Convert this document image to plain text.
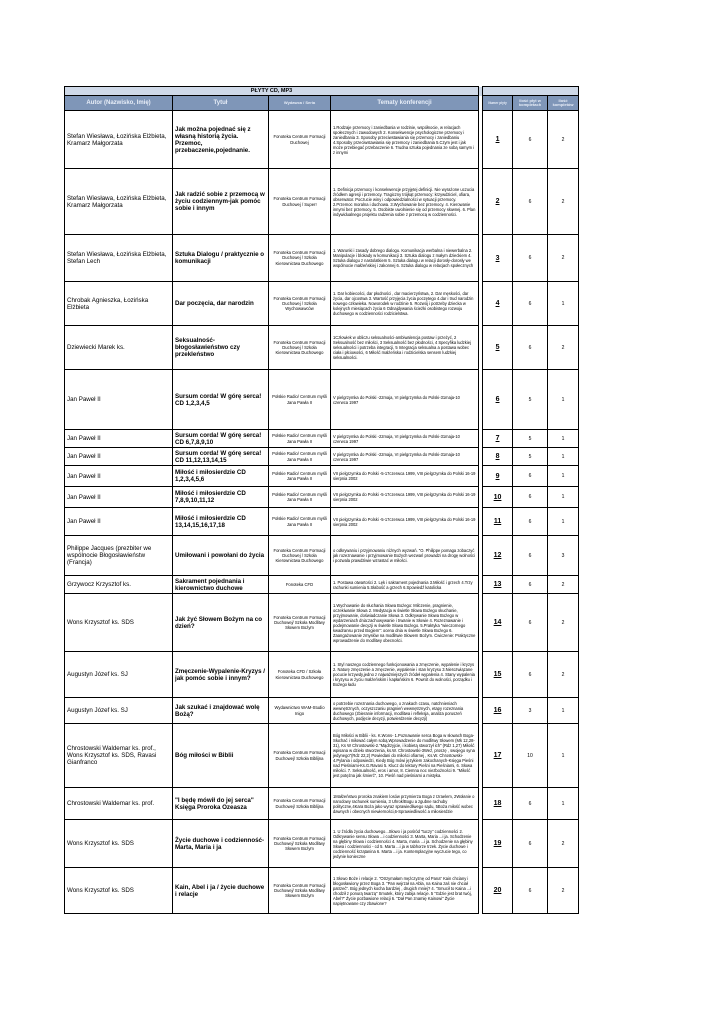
PŁYTY CD, MP3							
Autor (Nazwisko, Imię)	Tytuł	Wydawca / Seria	Tematy konferencji		Numer płyty	Ilość płyt w kompletach	Ilość kompletów
Stefan Wiesława, Łozińska Elżbieta, Kramarz Małgorzata	Jak można pojednać się z własną historią życia. Przemoc, przebaczenie,pojednanie.	Fonoteka Centrum Formacji Duchowej	1.Rodzaje przemocy i zaniedbania w rodzinie, współnocie, w relacjach społecznych i zawodowych 2. Konsekwencje psychologiczne przemocy i zaniedbania 3. Sposoby przeciwstawiania się przemocy i zaniedbaniu 4.Sposoby przeciwstawiania się przemocy i zaniedbania 5.Czym jest i jak może przebiegać przebaczenie 6. Trudna sztuka pojednania ze sobą samym i z innymi		1	6	2
Stefan Wiesława, Łozińska Elżbieta, Kramarz Małgorzata	Jak radzić sobie z przemocą w życiu codziennym-jak pomóc sobie i innym	Fonoteka Centrum Formacji Duchowej / Super!	1. Definicja przemocy i konsekwencje przyjętej definicji. Nie wyrażone uczucia źródłem agresji i przemocy. Tragiczny trójkąt przemocy: krzywdziciel, ofiara, obserwator. Poczucie winy i odpowiedzialności w sytuacji przemocy. 2.Przemoc moralna i duchowa. 3.Wychowanie bez przemocy. 4. Kierowanie innymi bez przemocy. 5. Osobiste uwolnienie się od przemocy słownej. 6. Plan indywidualnego projektu radzenia sobie z przemocą w codzienności.		2	6	2
Stefan Wiesława, Łozińska Elżbieta, Stefan Lech	Sztuka Dialogu / praktycznie o komunikacji	Fonoteka Centrum Formacji Duchowej / Szkoła Kierownictwa Duchowego	1. Warunki i zasady dobrego dialogu. Komunikacja werbalna i niewerbalna 2. Manipulacje i blokady w komunikacji 3. Sztuka dialogu z małym dzieckiem 4. Sztuka dialogu z nastolatkiem 5. Sztuka dialogu w relacji dorosły-dorosły we wspólnocie małżeńskiej i zakonnej 6. Sztuka dialogu w relacjach społecznych		3	6	2
Chrobak Agnieszka, Łozińska Elżbieta	Dar poczęcia, dar narodzin	Fonoteka Centrum Formacji Duchowej / Szkoła Wychowawców	1. Dar kobiecości, dar płodności , dar macierzyństwa, 2. Dar męskości, dar życia, dar ojcostwa 3. Wartość przyjęcia życia poczętego 4.dar i trud narodzin nowego człowieka. Noworodek w rodzinie 5. Rozwój i potrzeby dziecka w kolejnych miesiącach życia 6 Odnajdywania ścieżki osobistego rozwoju duchowego w codzienności rodzicielstwa.		4	6	1
Dziewiecki Marek ks.	Seksualność-błogosławieństwo czy przekleństwo	Fonoteka Centrum Formacji Duchowej / Szkoła Kierownictwa Duchowego	1Człowiek w obliczu seksualności-ambiwalencja postaw i przeżyć, 2 Seksualność bez miłości, 3 Seksualność bez płodności, 4 Specyfika ludzkiej seksualności i potrzeba integracji, 5 Integracja seksualna a postawa wobec ciała i płciowości, 6 Miłość małżeńska i rodzicielska sensem ludzkiej seksualności.		5	6	2
Jan Paweł II	Sursum corda! W górę serca! CD 1,2,3,4,5	Polskie Radio/ Centrum myśli Jana Pawła II	V pielgrzymka do Polski -22maja, VI pielgrzymka do Polski-31maja-10 czerwca 1997		6	5	1
Jan Paweł II	Sursum corda! W górę serca! CD 6,7,8,9,10	Polskie Radio/ Centrum myśli Jana Pawła II	V pielgrzymka do Polski -22maja, VI pielgrzymka do Polski-31maja-10 czerwca 1997		7	5	1
Jan Paweł II	Sursum corda! W górę serca! CD 11,12,13,14,15	Polskie Radio/ Centrum myśli Jana Pawła II	V pielgrzymka do Polski -22maja, VI pielgrzymka do Polski-31maja-10 czerwca 1997		8	5	1
Jan Paweł II	Miłość i miłosierdzie CD 1,2,3,4,5,6	Polskie Radio/ Centrum myśli Jana Pawła II	VII pielgrzymka do Polski -5-17czerwca 1999, VIII pielgrzymka do Polski 16-19 sierpnia 2002		9	6	1
Jan Paweł II	Miłość i miłosierdzie CD 7,8,9,10,11,12	Polskie Radio/ Centrum myśli Jana Pawła II	VII pielgrzymka do Polski -5-17czerwca 1999, VIII pielgrzymka do Polski 16-19 sierpnia 2002		10	6	1
Jan Paweł II	Miłość i miłosierdzie CD 13,14,15,16,17,18	Polskie Radio/ Centrum myśli Jana Pawła II	VII pielgrzymka do Polski -5-17czerwca 1999, VIII pielgrzymka do Polski 16-19 sierpnia 2002		11	6	1
Philippe Jacques (prezbiter we wspólnocie Błogosławieństw (Francja)	Umiłowani i powołani do życia	Fonoteka Centrum Formacji Duchowej / Szkoła Kierownictwa Duchowego	o odkrywaniu i przyjmowaniu różnych wyzwań. "O. Philippe pomaga zobaczyć jak rozeznawanie i przyjmowanie Bożych wezwań prowadzi na drogę wolności i pozwala prawdziwie wzrastać w miłości.		12	6	3
Grzywocz Krzysztof ks.	Sakrament pojednania i kierownictwo duchowe	Fonoteka CFD	1. Postawa otwartości 2. Lęk i sakrament pojednania 3.Miłość i grzech 4.Trzy rachunki sumienia 5.Słabość a grzech 6.Spowiedź katolicka		13	6	2
Wons Krzysztof ks. SDS	Jak żyć Słowem Bożym na co dzień?	Fonoteka Centrum Formacji Duchowej/ Szkoła Modlitwy Słowem Bożym	1.Wychowanie do słuchania Słowa Bożego: Milczenie, pragnienie, oczekiwanie Słowa 2. Medytacja w świetle Słowa Bożego skuchanie, przyjmowanie, doświadczanie Słowa 3. Odkrywanie Słowa Bożego w wydarzeniach dnia:zachowywanie i trwanie w Słowie 4. Rozeznawanie i podejmowanie decyzji w świetle Słowa Bożego. 5.Praktyka "wieczornego kwadransu przed Bogiem": ocena dnia w świetle Słowa Bożego 6. Zaangażowanie zmysłów na modlitwie Słowem Bożym. Ćwiczenie: Praktyczne wprowadzenie do modlitwy obecności.		14	6	2
Augustyn Józef ks. SJ	Zmęczenie-Wypalenie-Kryzys / jak pomóc sobie i innym?	Fonoteka CFD / Szkoła Kierownictwa Duchowego	1. Styl naszego codziennego funkcjonowania a zmęczenie, wypalenie i kryzys 2. Naturę zmęczenie a zmęczenie, wypalenie i stan kryzysu 3.Nierozwiązane pocucie krzywdy,jedno z najważniejszych źródeł wypalenia 4. Stany wypalenia i kryzysu w życiu małżeńskim i kapłańskim 6. Powrót do wolności, porządku i Bożego ładu		15	6	2
Augustyn Józef ks. SJ	Jak szukać i znajdować wolę Bożą?	Wydawnictwo WAM-Studio Inigo	o potrzebie rozeznania duchowego, o znakach czasu, natchnieniach wewnętrznych, oczyszczaniu pragnień wewnętrznych, etapy rozeznania duchowego (zbieranie informacji, modlitwa i refleksja, analiza poruszeń duchowych, podjęcie decyzji, potwierdzenie decyzji)		16	3	1
Chrostowski Waldemar ks. prof., Wons Krzysztof ks. SDS, Ravasi Gianfranco	Bóg miłości w Biblii	Fonoteka Centrum Formacji Duchowej/ Szkoła Biblijna	Bóg Miłości w Biblii - ks. K.Wons- 1.Poznawanie serca Boga w słowach Boga-Słuchać i miłować całym sobą.Wprowadzenie do modlitwy Słowem (Mk 12,28-31), Ks W Chrostowski-2."Mądrzyjcie, i kobietą stworzył ich" (Rdz 1,27) Miłość wpisana w dzieło stworzenia, ks.W. Chrostowski-3Weź, proszę , swojego syna jedynego"(Rdz 22,2) Powiedani do miłości ofiarnej , Ks.W. Chrostowski-4.Pylania i odpowiedzi, Kiedy Bóg mówi językiem zakochanych-Księga Pieśni nad Pieśniami-Ks.G.Ravasi 5. Klucz do lektury Pieśni na Pieśniami, 6. Słowa miłości. 7. Seksualność, eros i amor, 8. Ciemna noc niezbożności 9. "Miłość jest potężna jak śmierć", 10. Pieśń nad pieśniami a mistyka.		17	10	1
Chrostowski Waldemar ks. prof.	"I będę mówił do jej serca" Księga Proroka Ozeasza	Fonoteka Centrum Formacji Duchowej/ Szkoła Biblijna	1Małżeństwo proroka znakiem losów przymierza Boga z Izraelem, 2Wołanie o narodowy rachunek sumienia, 3 Uhrok/Bogu a zgubne rachuby polityczne,4Kara Boża jako wyraz sprawiedliwego sądu, 5Boża miłość wobec dawnych i obecnych niewierności,6-Sprawiedliwość a miłosierdzie		18	6	1
Wons Krzysztof ks. SDS	Życie duchowe i codzienność-Marta, Maria i ja	Fonoteka Centrum Formacji Duchowej/ Szkoła Modlitwy Słowem Bożym	1. U źródła życia duchowego...Słowo i ja pośród "tuczy" codzienności 2. Odkrywanie sensu Słowa ...i codzienności 3. Marta, Maria ...i ja. Schodzenie na głębiny Słowa i codzienności 4. Marta, maria ...i ja. Schodzenie na głębiny Słowa i codzienności - cd 5. Marta ...i ja w tabhorze trzek. Życie duchowe i codzienność krzątanina 6. Marta ...i ja. Kontemplacyjne wyczucie tego, co jedynie konieczne		19	6	2
Wons Krzysztof ks. SDS	Kain, Abel i ja / życie duchowe i relacje	Fonoteka Centrum Formacji Duchowej/ Szkoła Modlitwy Słowem Bożym	1 Słowo Boże i relacje 2. "Otrzymałam mężczyznę od Pana" Kain chciany i błogosławiony przez Boga 3. "Pan wejrzał na Abla, na Kaina zaś nie chciał patrzeć". Bóg jednych kocha bardziej , drugich mniej? 4. "Smucił to Kaina ...i chodził z ponurą twarzą" Smutek, który zabija relacje. 5 "Gdzie jest brat twój, Abel?" Życie pozbawione relacji 6. "Dał Pan znamię Kainowi" Życie napiętnowane czy zbawione?		20	6	2
